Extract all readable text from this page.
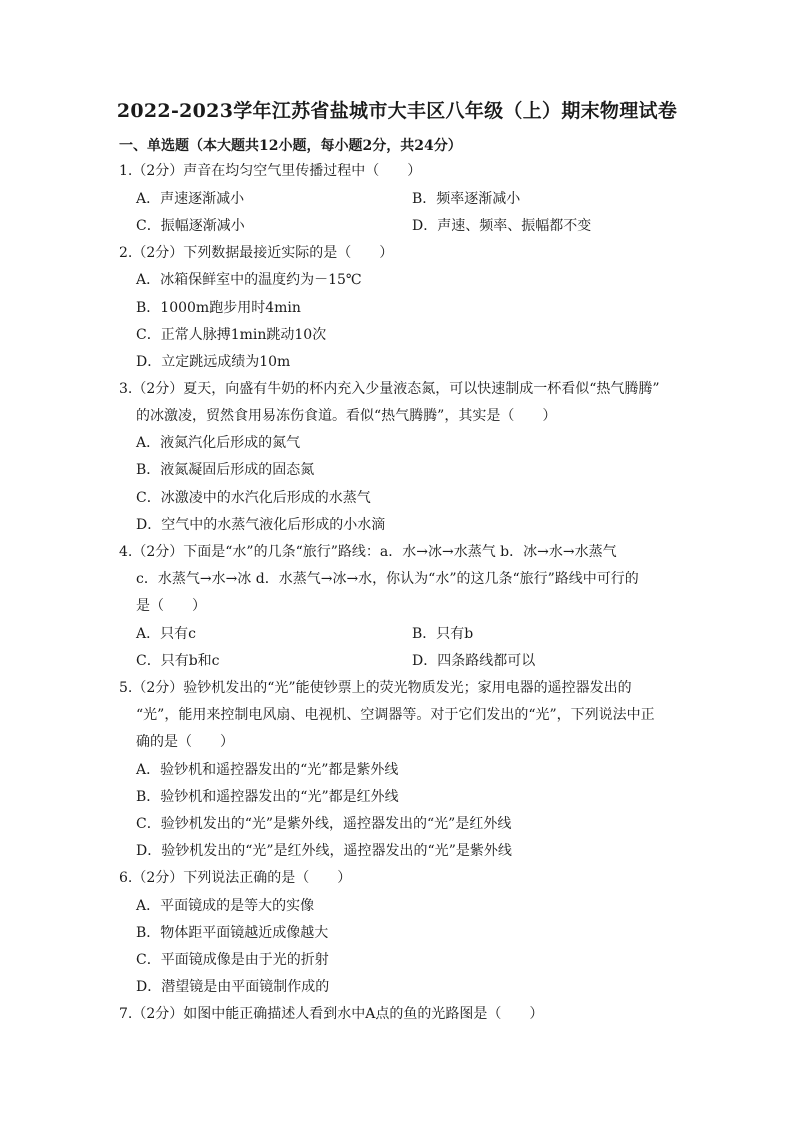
2022-2023学年江苏省盐城市大丰区八年级（上）期末物理试卷
一、单选题（本大题共12小题，每小题2分，共24分）
1.（2分）声音在均匀空气里传播过程中（　　）
A．声速逐渐减小	B．频率逐渐减小
C．振幅逐渐减小	D．声速、频率、振幅都不变
2.（2分）下列数据最接近实际的是（　　）
A．冰箱保鲜室中的温度约为－15℃
B．1000m跑步用时4min
C．正常人脉搏1min跳动10次
D．立定跳远成绩为10m
3.（2分）夏天，向盛有牛奶的杯内充入少量液态氮，可以快速制成一杯看似“热气腾腾”
的冰激凌，贸然食用易冻伤食道。看似“热气腾腾”，其实是（　　）
A．液氮汽化后形成的氮气
B．液氮凝固后形成的固态氮
C．冰激凌中的水汽化后形成的水蒸气
D．空气中的水蒸气液化后形成的小水滴
4.（2分）下面是“水”的几条“旅行”路线：a．水→冰→水蒸气 b．冰→水→水蒸气
c．水蒸气→水→冰 d．水蒸气→冰→水，你认为“水”的这几条“旅行”路线中可行的
是（　　）
A．只有c	B．只有b
C．只有b和c	D．四条路线都可以
5.（2分）验钞机发出的“光”能使钞票上的荧光物质发光；家用电器的遥控器发出的
“光”，能用来控制电风扇、电视机、空调器等。对于它们发出的“光”，下列说法中正
确的是（　　）
A．验钞机和遥控器发出的“光”都是紫外线
B．验钞机和遥控器发出的“光”都是红外线
C．验钞机发出的“光”是紫外线，遥控器发出的“光”是红外线
D．验钞机发出的“光”是红外线，遥控器发出的“光”是紫外线
6.（2分）下列说法正确的是（　　）
A．平面镜成的是等大的实像
B．物体距平面镜越近成像越大
C．平面镜成像是由于光的折射
D．潜望镜是由平面镜制作成的
7.（2分）如图中能正确描述人看到水中A点的鱼的光路图是（　　）
